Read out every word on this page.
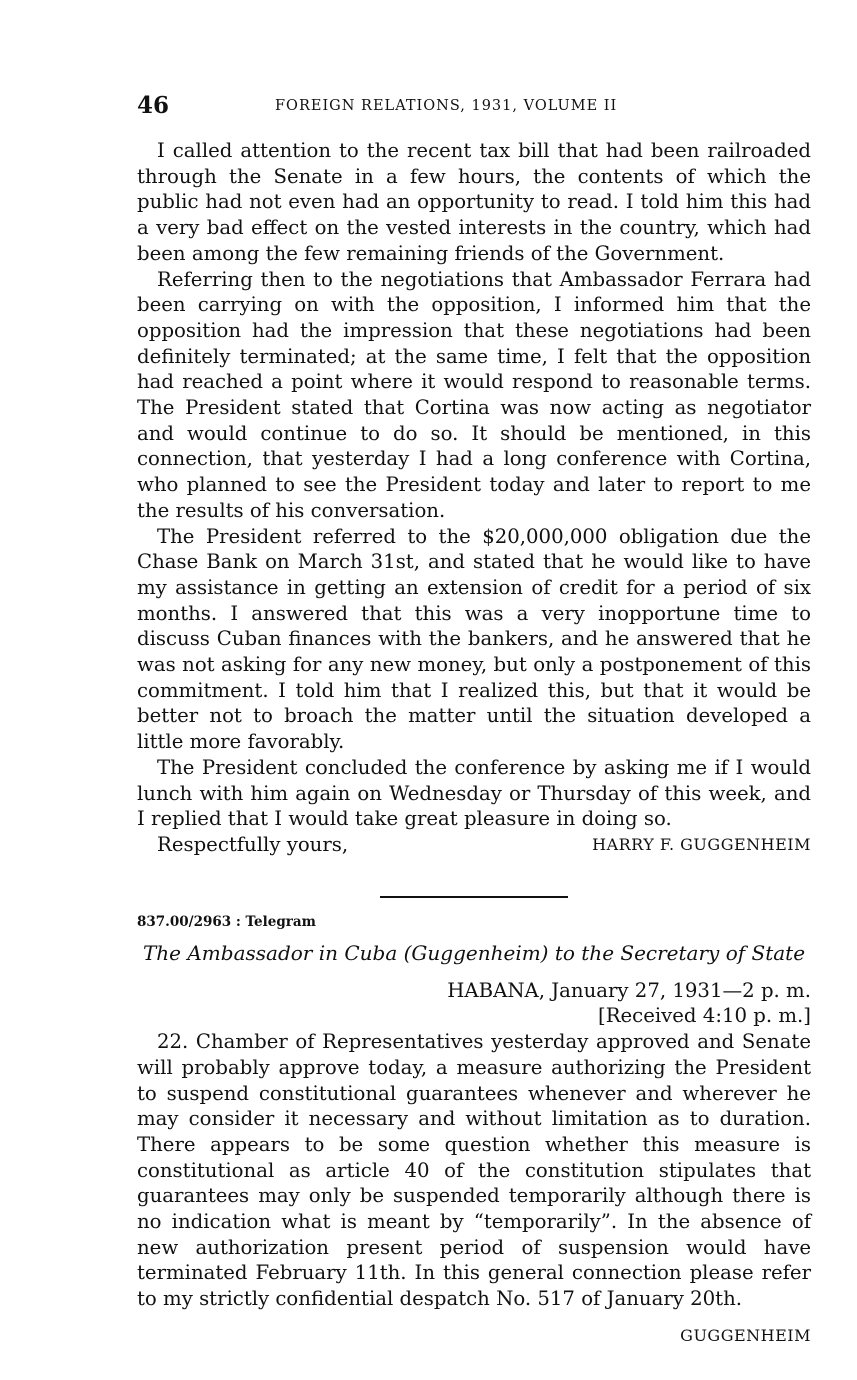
46	FOREIGN RELATIONS, 1931, VOLUME II

I called attention to the recent tax bill that had been railroaded through the Senate in a few hours, the contents of which the public had not even had an opportunity to read. I told him this had a very bad effect on the vested interests in the country, which had been among the few remaining friends of the Government.

Referring then to the negotiations that Ambassador Ferrara had been carrying on with the opposition, I informed him that the opposition had the impression that these negotiations had been definitely terminated; at the same time, I felt that the opposition had reached a point where it would respond to reasonable terms. The President stated that Cortina was now acting as negotiator and would continue to do so. It should be mentioned, in this connection, that yesterday I had a long conference with Cortina, who planned to see the President today and later to report to me the results of his conversation.

The President referred to the $20,000,000 obligation due the Chase Bank on March 31st, and stated that he would like to have my assistance in getting an extension of credit for a period of six months. I answered that this was a very inopportune time to discuss Cuban finances with the bankers, and he answered that he was not asking for any new money, but only a postponement of this commitment. I told him that I realized this, but that it would be better not to broach the matter until the situation developed a little more favorably.

The President concluded the conference by asking me if I would lunch with him again on Wednesday or Thursday of this week, and I replied that I would take great pleasure in doing so.

Respectfully yours,	HARRY F. GUGGENHEIM
837.00/2963 : Telegram
The Ambassador in Cuba (Guggenheim) to the Secretary of State
HABANA, January 27, 1931—2 p. m.
[Received 4:10 p. m.]

22. Chamber of Representatives yesterday approved and Senate will probably approve today, a measure authorizing the President to suspend constitutional guarantees whenever and wherever he may consider it necessary and without limitation as to duration. There appears to be some question whether this measure is constitutional as article 40 of the constitution stipulates that guarantees may only be suspended temporarily although there is no indication what is meant by “temporarily”. In the absence of new authorization present period of suspension would have terminated February 11th. In this general connection please refer to my strictly confidential despatch No. 517 of January 20th.

GUGGENHEIM
